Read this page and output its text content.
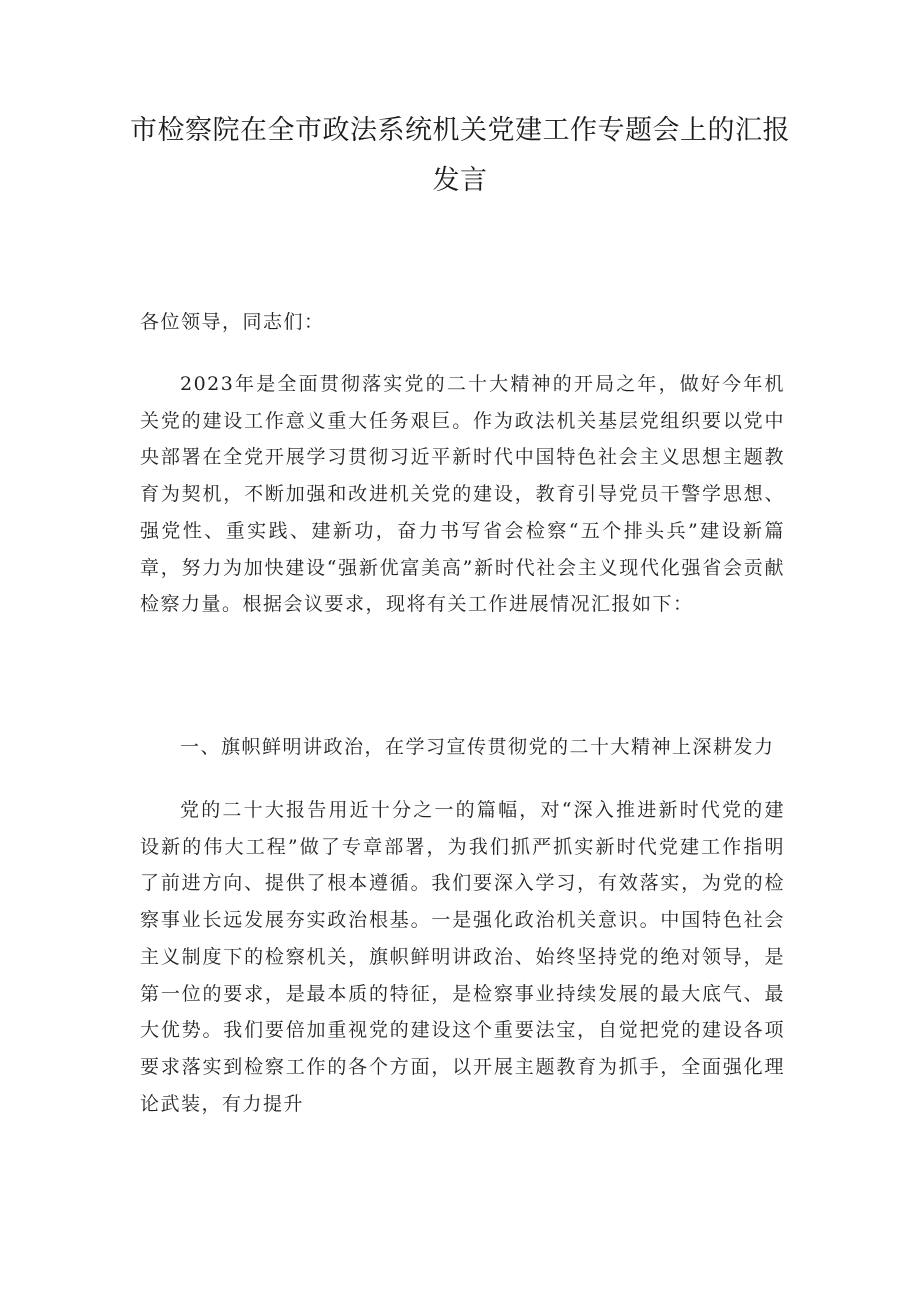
市检察院在全市政法系统机关党建工作专题会上的汇报发言
各位领导，同志们：
2023年是全面贯彻落实党的二十大精神的开局之年，做好今年机关党的建设工作意义重大任务艰巨。作为政法机关基层党组织要以党中央部署在全党开展学习贯彻习近平新时代中国特色社会主义思想主题教育为契机，不断加强和改进机关党的建设，教育引导党员干警学思想、强党性、重实践、建新功，奋力书写省会检察“五个排头兵”建设新篇章，努力为加快建设“强新优富美高”新时代社会主义现代化强省会贡献检察力量。根据会议要求，现将有关工作进展情况汇报如下：
一、旗帜鲜明讲政治，在学习宣传贯彻党的二十大精神上深耕发力
党的二十大报告用近十分之一的篇幅，对“深入推进新时代党的建设新的伟大工程”做了专章部署，为我们抓严抓实新时代党建工作指明了前进方向、提供了根本遵循。我们要深入学习，有效落实，为党的检察事业长远发展夯实政治根基。一是强化政治机关意识。中国特色社会主义制度下的检察机关，旗帜鲜明讲政治、始终坚持党的绝对领导，是第一位的要求，是最本质的特征，是检察事业持续发展的最大底气、最大优势。我们要倍加重视党的建设这个重要法宝，自觉把党的建设各项要求落实到检察工作的各个方面，以开展主题教育为抓手，全面强化理论武装，有力提升
